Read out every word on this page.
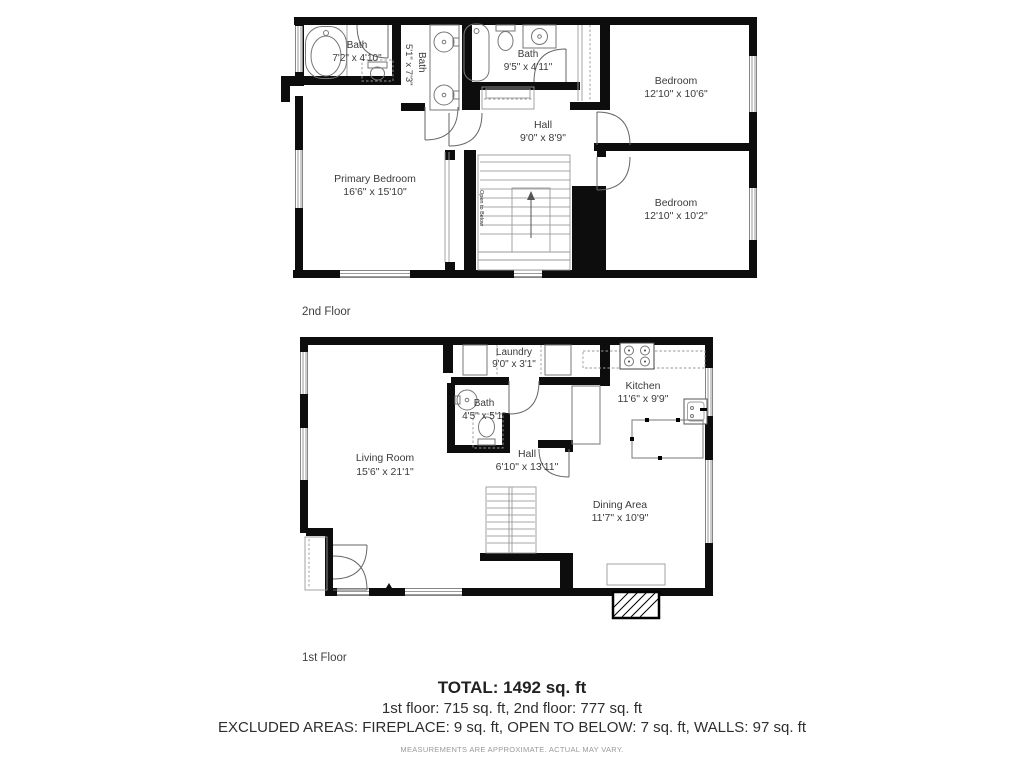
Bath
7'2" x 4'10"	Bath
5'1" x 7'3"	Bath
9'5" x 4'11"
Hall
9'0" x 8'9"
Bedroom
12'10" x 10'6"
Bedroom
12'10" x 10'2"
Primary Bedroom
16'6" x 15'10"	Open to Below
2nd Floor
Laundry
9'0" x 3'1"
Bath
4'5" x 5'1"
Hall
6'10" x 13'11"
Kitchen
11'6" x 9'9"
Living Room
15'6" x 21'1"
Dining Area
11'7" x 10'9"
1st Floor
TOTAL: 1492 sq. ft
1st floor: 715 sq. ft, 2nd floor: 777 sq. ft
EXCLUDED AREAS: FIREPLACE: 9 sq. ft, OPEN TO BELOW: 7 sq. ft, WALLS: 97 sq. ft
MEASUREMENTS ARE APPROXIMATE. ACTUAL MAY VARY.
